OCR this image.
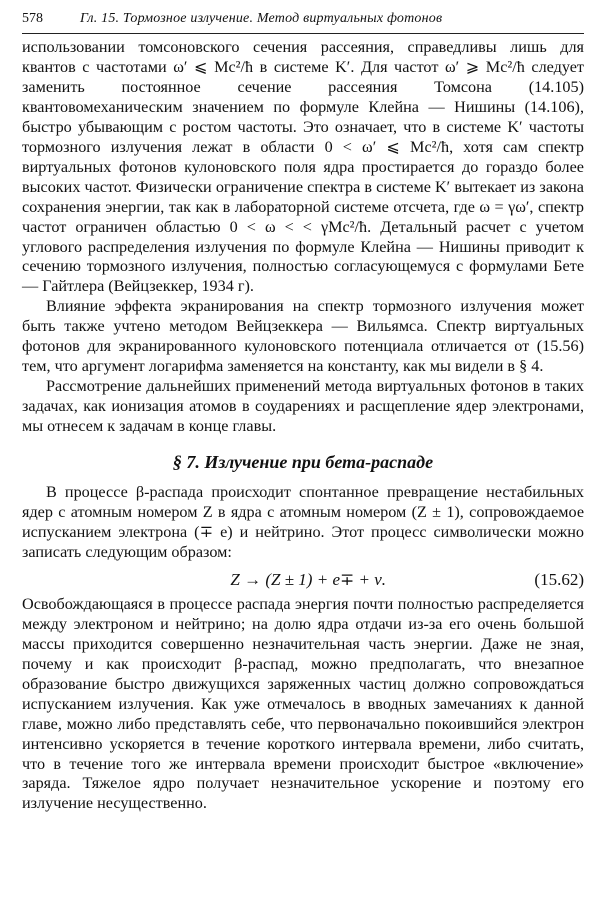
578	Гл. 15. Тормозное излучение. Метод виртуальных фотонов

использовании томсоновского сечения рассеяния, справедливы лишь для квантов с частотами ω′ ⩽ Mc²/ħ в системе K′. Для частот ω′ ⩾ Mc²/ħ следует заменить постоянное сечение рассеяния Томсона (14.105) квантовомеханическим значением по формуле Клейна — Нишины (14.106), быстро убывающим с ростом частоты. Это означает, что в системе K′ частоты тормозного излучения лежат в области 0 < ω′ ⩽ Mc²/ħ, хотя сам спектр виртуальных фотонов кулоновского поля ядра простирается до гораздо более высоких частот. Физически ограничение спектра в системе K′ вытекает из закона сохранения энергии, так как в лабораторной системе отсчета, где ω = γω′, спектр частот ограничен областью 0 < ω < < γMc²/ħ. Детальный расчет с учетом углового распределения излучения по формуле Клейна — Нишины приводит к сечению тормозного излучения, полностью согласующемуся с формулами Бете — Гайтлера (Вейцзеккер, 1934 г).

Влияние эффекта экранирования на спектр тормозного излучения может быть также учтено методом Вейцзеккера — Вильямса. Спектр виртуальных фотонов для экранированного кулоновского потенциала отличается от (15.56) тем, что аргумент логарифма заменяется на константу, как мы видели в § 4.

Рассмотрение дальнейших применений метода виртуальных фотонов в таких задачах, как ионизация атомов в соударениях и расщепление ядер электронами, мы отнесем к задачам в конце главы.

§ 7. Излучение при бета-распаде

В процессе β-распада происходит спонтанное превращение нестабильных ядер с атомным номером Z в ядра с атомным номером (Z ± 1), сопровождаемое испусканием электрона (∓ e) и нейтрино. Этот процесс символически можно записать следующим образом:

Z → (Z ± 1) + e∓ + ν.	(15.62)

Освобождающаяся в процессе распада энергия почти полностью распределяется между электроном и нейтрино; на долю ядра отдачи из-за его очень большой массы приходится совершенно незначительная часть энергии. Даже не зная, почему и как происходит β-распад, можно предполагать, что внезапное образование быстро движущихся заряженных частиц должно сопровождаться испусканием излучения. Как уже отмечалось в вводных замечаниях к данной главе, можно либо представлять себе, что первоначально покоившийся электрон интенсивно ускоряется в течение короткого интервала времени, либо считать, что в течение того же интервала времени происходит быстрое «включение» заряда. Тяжелое ядро получает незначительное ускорение и поэтому его излучение несущественно.
